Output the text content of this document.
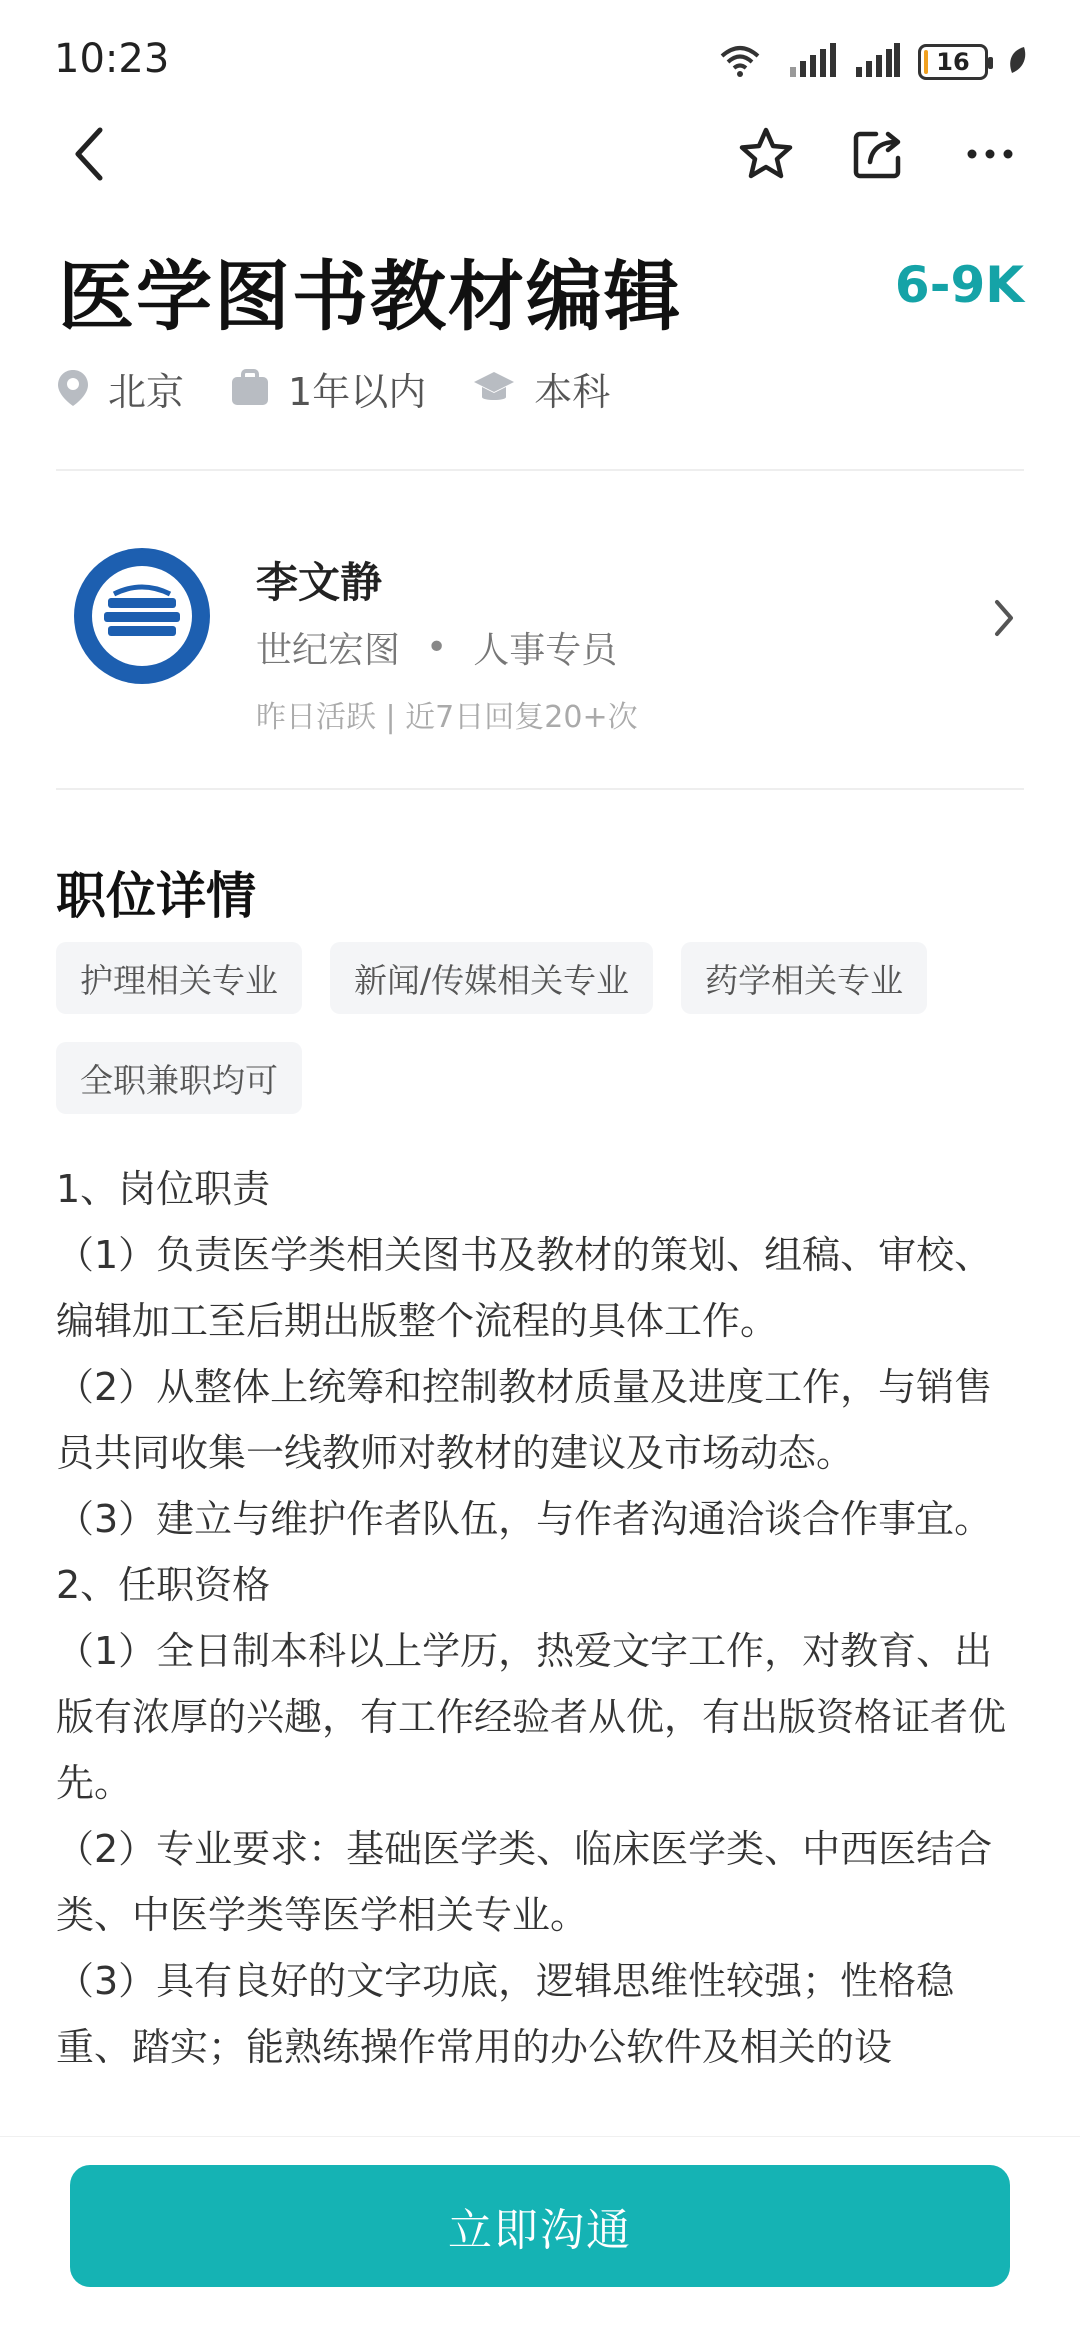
10:23	16
医学图书教材编辑	6-9K
北京	1年以内	本科
李文静
世纪宏图 • 人事专员
昨日活跃 | 近7日回复20+次
职位详情
护理相关专业	新闻/传媒相关专业	药学相关专业
全职兼职均可

1、岗位职责

（1）负责医学类相关图书及教材的策划、组稿、审校、编辑加工至后期出版整个流程的具体工作。

（2）从整体上统筹和控制教材质量及进度工作，与销售员共同收集一线教师对教材的建议及市场动态。

（3）建立与维护作者队伍，与作者沟通洽谈合作事宜。

2、任职资格

（1）全日制本科以上学历，热爱文字工作，对教育、出版有浓厚的兴趣，有工作经验者从优，有出版资格证者优先。

（2）专业要求：基础医学类、临床医学类、中西医结合类、中医学类等医学相关专业。

（3）具有良好的文字功底，逻辑思维性较强；性格稳重、踏实；能熟练操作常用的办公软件及相关的设

立即沟通
